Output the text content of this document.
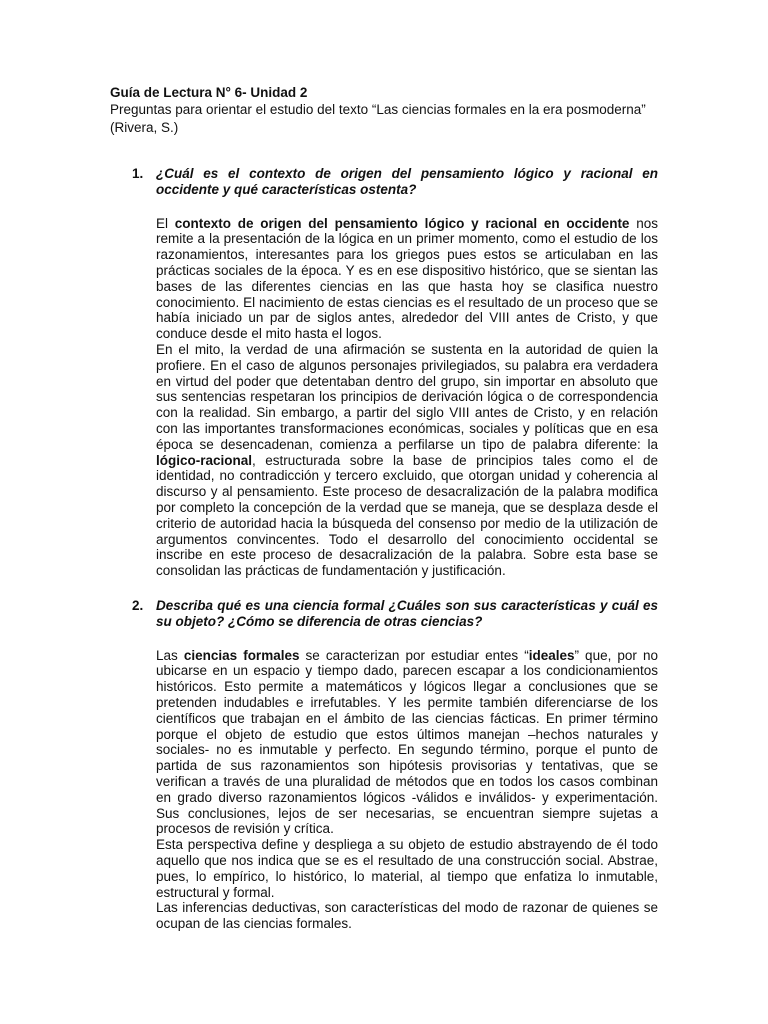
Guía de Lectura N° 6- Unidad 2

Preguntas para orientar el estudio del texto “Las ciencias formales en la era posmoderna” (Rivera, S.)

1. ¿Cuál es el contexto de origen del pensamiento lógico y racional en occidente y qué características ostenta?

El contexto de origen del pensamiento lógico y racional en occidente nos remite a la presentación de la lógica en un primer momento, como el estudio de los razonamientos, interesantes para los griegos pues estos se articulaban en las prácticas sociales de la época. Y es en ese dispositivo histórico, que se sientan las bases de las diferentes ciencias en las que hasta hoy se clasifica nuestro conocimiento. El nacimiento de estas ciencias es el resultado de un proceso que se había iniciado un par de siglos antes, alrededor del VIII antes de Cristo, y que conduce desde el mito hasta el logos.

En el mito, la verdad de una afirmación se sustenta en la autoridad de quien la profiere. En el caso de algunos personajes privilegiados, su palabra era verdadera en virtud del poder que detentaban dentro del grupo, sin importar en absoluto que sus sentencias respetaran los principios de derivación lógica o de correspondencia con la realidad. Sin embargo, a partir del siglo VIII antes de Cristo, y en relación con las importantes transformaciones económicas, sociales y políticas que en esa época se desencadenan, comienza a perfilarse un tipo de palabra diferente: la lógico-racional, estructurada sobre la base de principios tales como el de identidad, no contradicción y tercero excluido, que otorgan unidad y coherencia al discurso y al pensamiento. Este proceso de desacralización de la palabra modifica por completo la concepción de la verdad que se maneja, que se desplaza desde el criterio de autoridad hacia la búsqueda del consenso por medio de la utilización de argumentos convincentes. Todo el desarrollo del conocimiento occidental se inscribe en este proceso de desacralización de la palabra. Sobre esta base se consolidan las prácticas de fundamentación y justificación.

2. Describa qué es una ciencia formal ¿Cuáles son sus características y cuál es su objeto? ¿Cómo se diferencia de otras ciencias?

Las ciencias formales se caracterizan por estudiar entes “ideales” que, por no ubicarse en un espacio y tiempo dado, parecen escapar a los condicionamientos históricos. Esto permite a matemáticos y lógicos llegar a conclusiones que se pretenden indudables e irrefutables. Y les permite también diferenciarse de los científicos que trabajan en el ámbito de las ciencias fácticas. En primer término porque el objeto de estudio que estos últimos manejan –hechos naturales y sociales- no es inmutable y perfecto. En segundo término, porque el punto de partida de sus razonamientos son hipótesis provisorias y tentativas, que se verifican a través de una pluralidad de métodos que en todos los casos combinan en grado diverso razonamientos lógicos -válidos e inválidos- y experimentación. Sus conclusiones, lejos de ser necesarias, se encuentran siempre sujetas a procesos de revisión y crítica.

Esta perspectiva define y despliega a su objeto de estudio abstrayendo de él todo aquello que nos indica que se es el resultado de una construcción social. Abstrae, pues, lo empírico, lo histórico, lo material, al tiempo que enfatiza lo inmutable, estructural y formal.

Las inferencias deductivas, son características del modo de razonar de quienes se ocupan de las ciencias formales.
